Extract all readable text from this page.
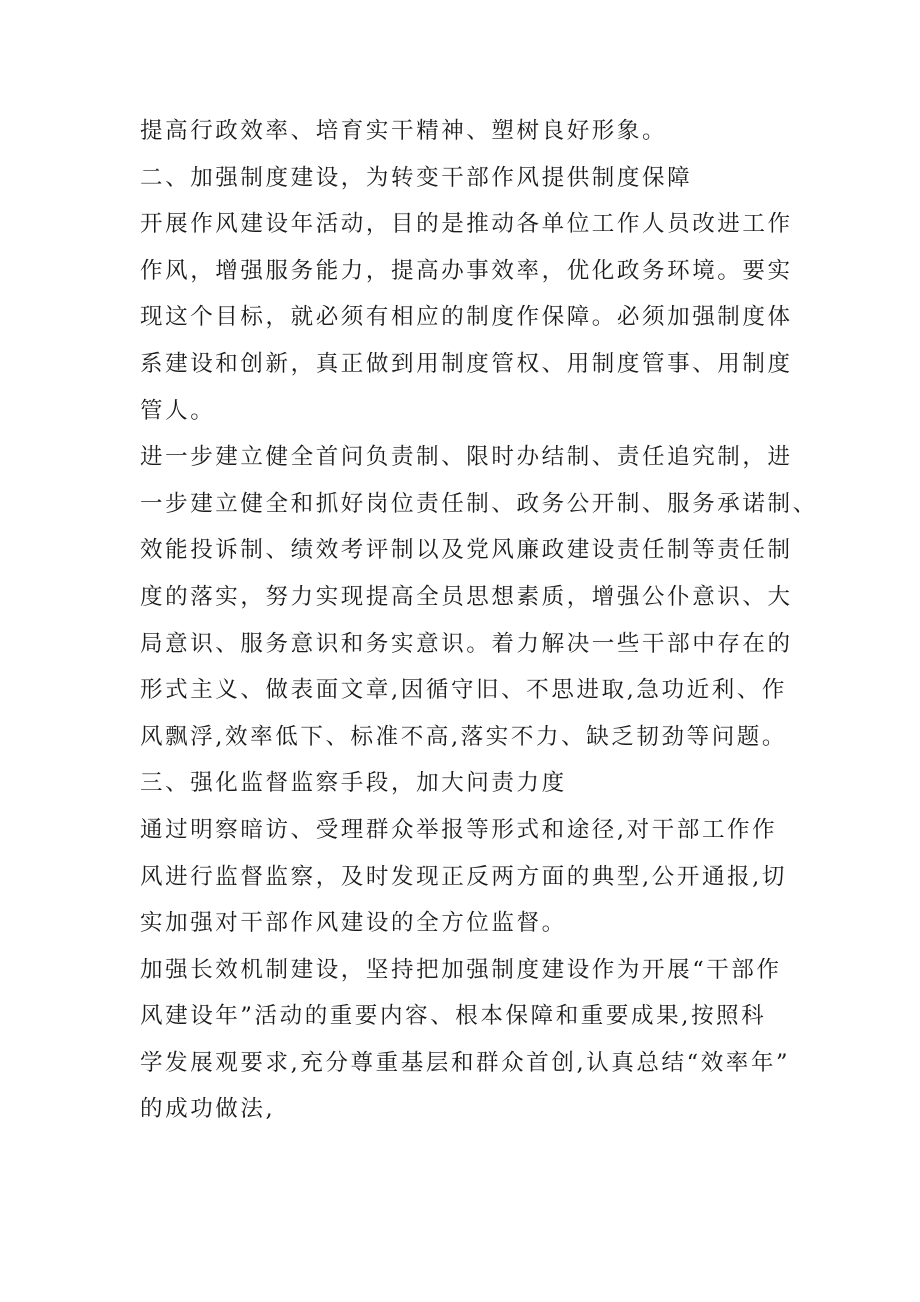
提高行政效率、培育实干精神、塑树良好形象。
二、加强制度建设，为转变干部作风提供制度保障
开展作风建设年活动，目的是推动各单位工作人员改进工作
作风，增强服务能力，提高办事效率，优化政务环境。要实
现这个目标，就必须有相应的制度作保障。必须加强制度体
系建设和创新，真正做到用制度管权、用制度管事、用制度
管人。
进一步建立健全首问负责制、限时办结制、责任追究制，进
一步建立健全和抓好岗位责任制、政务公开制、服务承诺制、
效能投诉制、绩效考评制以及党风廉政建设责任制等责任制
度的落实，努力实现提高全员思想素质，增强公仆意识、大
局意识、服务意识和务实意识。着力解决一些干部中存在的
形式主义、做表面文章,因循守旧、不思进取,急功近利、作
风飘浮,效率低下、标准不高,落实不力、缺乏韧劲等问题。
三、强化监督监察手段，加大问责力度
通过明察暗访、受理群众举报等形式和途径,对干部工作作
风进行监督监察，及时发现正反两方面的典型,公开通报,切
实加强对干部作风建设的全方位监督。
加强长效机制建设，坚持把加强制度建设作为开展“干部作
风建设年”活动的重要内容、根本保障和重要成果,按照科
学发展观要求,充分尊重基层和群众首创,认真总结“效率年”
的成功做法,
